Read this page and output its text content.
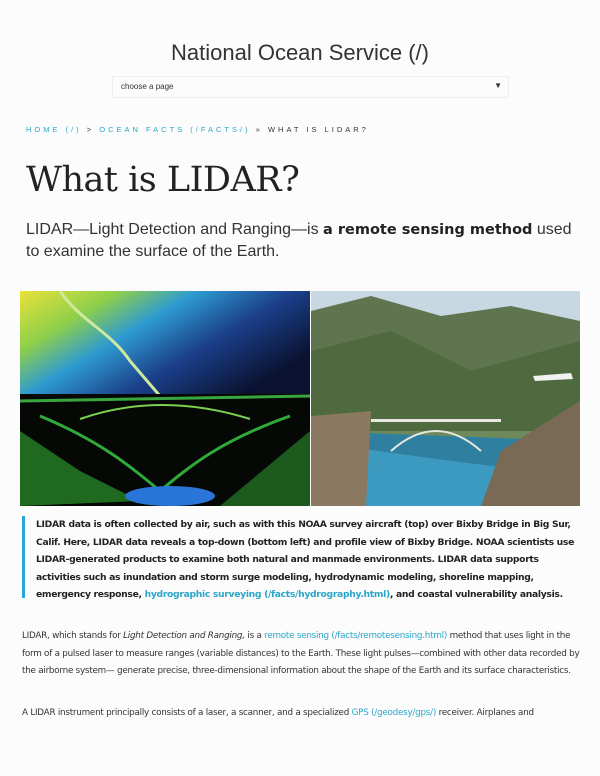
National Ocean Service (/)
choose a page	▼
HOME (/) > OCEAN FACTS (/FACTS/) » WHAT IS LIDAR?
What is LIDAR?
LIDAR—Light Detection and Ranging—is a remote sensing method used to examine the surface of the Earth.
LIDAR data is often collected by air, such as with this NOAA survey aircraft (top) over Bixby Bridge in Big Sur, Calif. Here, LIDAR data reveals a top-down (bottom left) and profile view of Bixby Bridge. NOAA scientists use LIDAR-generated products to examine both natural and manmade environments. LIDAR data supports activities such as inundation and storm surge modeling, hydrodynamic modeling, shoreline mapping, emergency response, hydrographic surveying (/facts/hydrography.html), and coastal vulnerability analysis.
LIDAR, which stands for Light Detection and Ranging, is a remote sensing (/facts/remotesensing.html) method that uses light in the form of a pulsed laser to measure ranges (variable distances) to the Earth. These light pulses—combined with other data recorded by the airborne system— generate precise, three-dimensional information about the shape of the Earth and its surface characteristics.
A LIDAR instrument principally consists of a laser, a scanner, and a specialized GPS (/geodesy/gps/) receiver. Airplanes and
